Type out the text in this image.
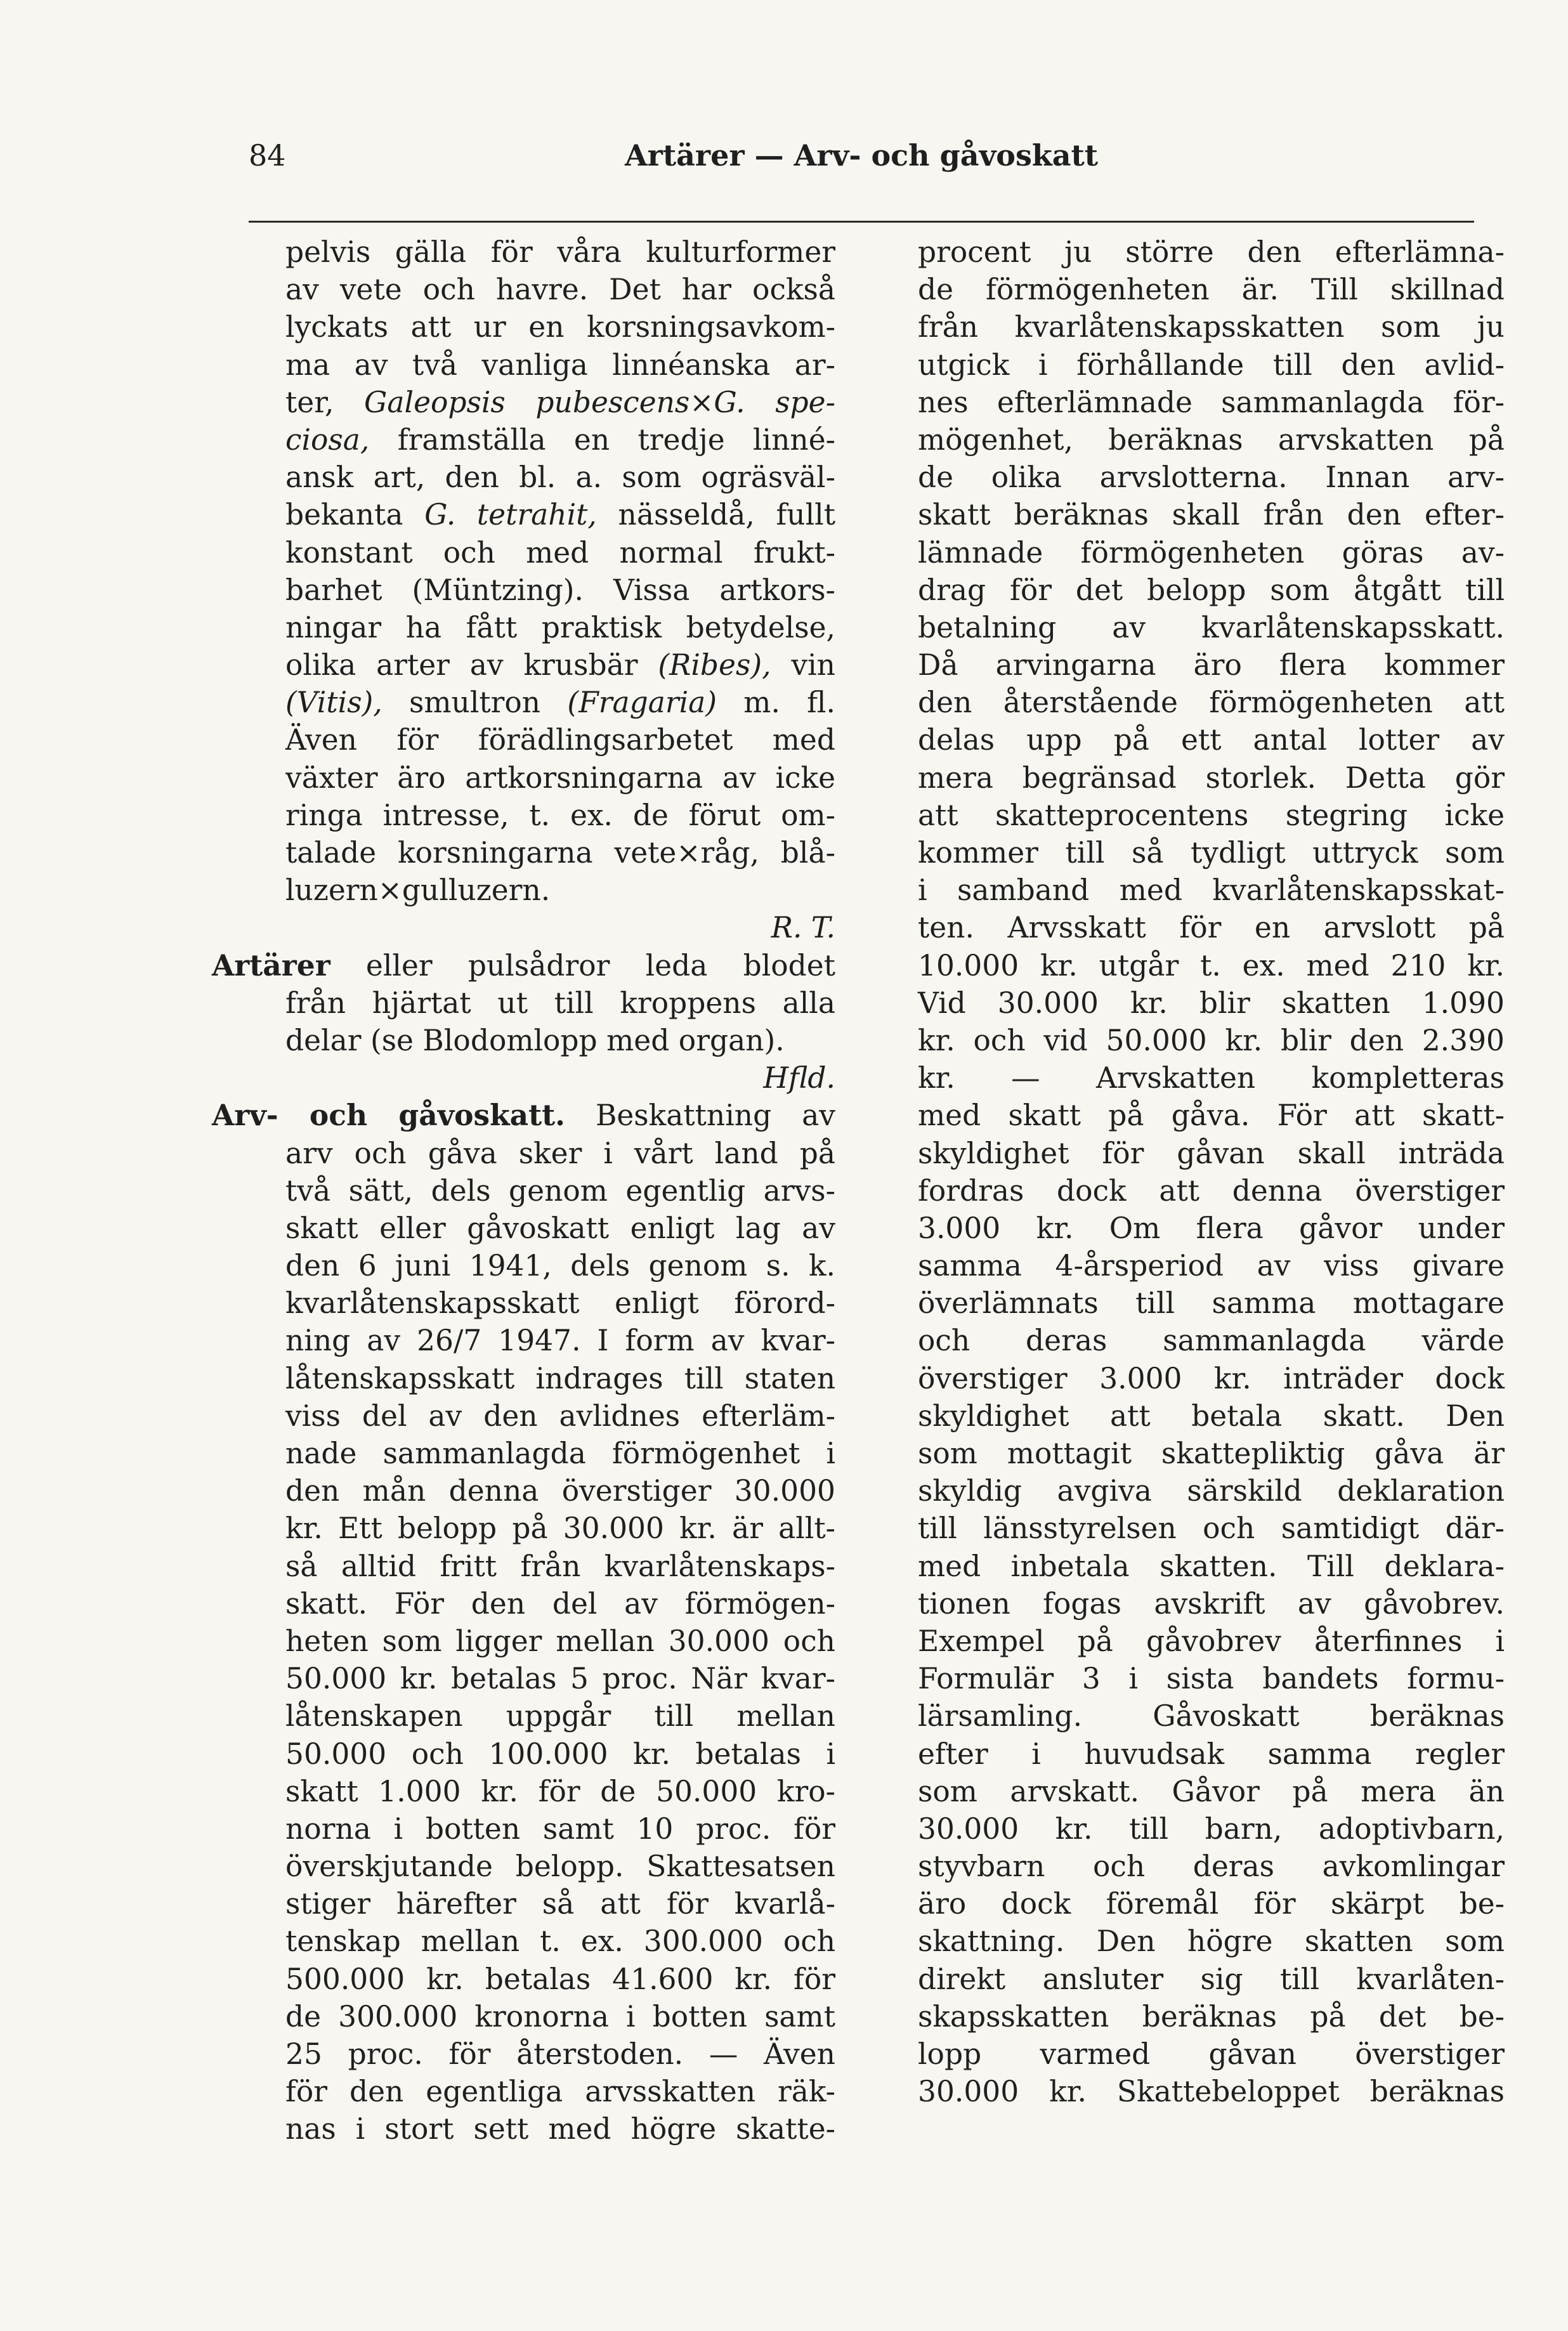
84	Artärer — Arv- och gåvoskatt
pelvis gälla för våra kulturformer
av vete och havre. Det har också
lyckats att ur en korsningsavkom-
ma av två vanliga linnéanska ar-
ter, Galeopsis pubescens×G. spe-
ciosa, framställa en tredje linné-
ansk art, den bl. a. som ogräsväl-
bekanta G. tetrahit, nässeldå, fullt
konstant och med normal frukt-
barhet (Müntzing). Vissa artkors-
ningar ha fått praktisk betydelse,
olika arter av krusbär (Ribes), vin
(Vitis), smultron (Fragaria) m. fl.
Även för förädlingsarbetet med
växter äro artkorsningarna av icke
ringa intresse, t. ex. de förut om-
talade korsningarna vete×råg, blå-
luzern×gulluzern.
R. T.
Artärer eller pulsådror leda blodet
från hjärtat ut till kroppens alla
delar (se Blodomlopp med organ).
Hfld.
Arv- och gåvoskatt. Beskattning av
arv och gåva sker i vårt land på
två sätt, dels genom egentlig arvs-
skatt eller gåvoskatt enligt lag av
den 6 juni 1941, dels genom s. k.
kvarlåtenskapsskatt enligt förord-
ning av 26/7 1947. I form av kvar-
låtenskapsskatt indrages till staten
viss del av den avlidnes efterläm-
nade sammanlagda förmögenhet i
den mån denna överstiger 30.000
kr. Ett belopp på 30.000 kr. är allt-
så alltid fritt från kvarlåtenskaps-
skatt. För den del av förmögen-
heten som ligger mellan 30.000 och
50.000 kr. betalas 5 proc. När kvar-
låtenskapen uppgår till mellan
50.000 och 100.000 kr. betalas i
skatt 1.000 kr. för de 50.000 kro-
norna i botten samt 10 proc. för
överskjutande belopp. Skattesatsen
stiger härefter så att för kvarlå-
tenskap mellan t. ex. 300.000 och
500.000 kr. betalas 41.600 kr. för
de 300.000 kronorna i botten samt
25 proc. för återstoden. — Även
för den egentliga arvsskatten räk-
nas i stort sett med högre skatte-
procent ju större den efterlämna-
de förmögenheten är. Till skillnad
från kvarlåtenskapsskatten som ju
utgick i förhållande till den avlid-
nes efterlämnade sammanlagda för-
mögenhet, beräknas arvskatten på
de olika arvslotterna. Innan arv-
skatt beräknas skall från den efter-
lämnade förmögenheten göras av-
drag för det belopp som åtgått till
betalning av kvarlåtenskapsskatt.
Då arvingarna äro flera kommer
den återstående förmögenheten att
delas upp på ett antal lotter av
mera begränsad storlek. Detta gör
att skatteprocentens stegring icke
kommer till så tydligt uttryck som
i samband med kvarlåtenskapsskat-
ten. Arvsskatt för en arvslott på
10.000 kr. utgår t. ex. med 210 kr.
Vid 30.000 kr. blir skatten 1.090
kr. och vid 50.000 kr. blir den 2.390
kr. — Arvskatten kompletteras
med skatt på gåva. För att skatt-
skyldighet för gåvan skall inträda
fordras dock att denna överstiger
3.000 kr. Om flera gåvor under
samma 4-årsperiod av viss givare
överlämnats till samma mottagare
och deras sammanlagda värde
överstiger 3.000 kr. inträder dock
skyldighet att betala skatt. Den
som mottagit skattepliktig gåva är
skyldig avgiva särskild deklaration
till länsstyrelsen och samtidigt där-
med inbetala skatten. Till deklara-
tionen fogas avskrift av gåvobrev.
Exempel på gåvobrev återfinnes i
Formulär 3 i sista bandets formu-
lärsamling. Gåvoskatt beräknas
efter i huvudsak samma regler
som arvskatt. Gåvor på mera än
30.000 kr. till barn, adoptivbarn,
styvbarn och deras avkomlingar
äro dock föremål för skärpt be-
skattning. Den högre skatten som
direkt ansluter sig till kvarlåten-
skapsskatten beräknas på det be-
lopp varmed gåvan överstiger
30.000 kr. Skattebeloppet beräknas
